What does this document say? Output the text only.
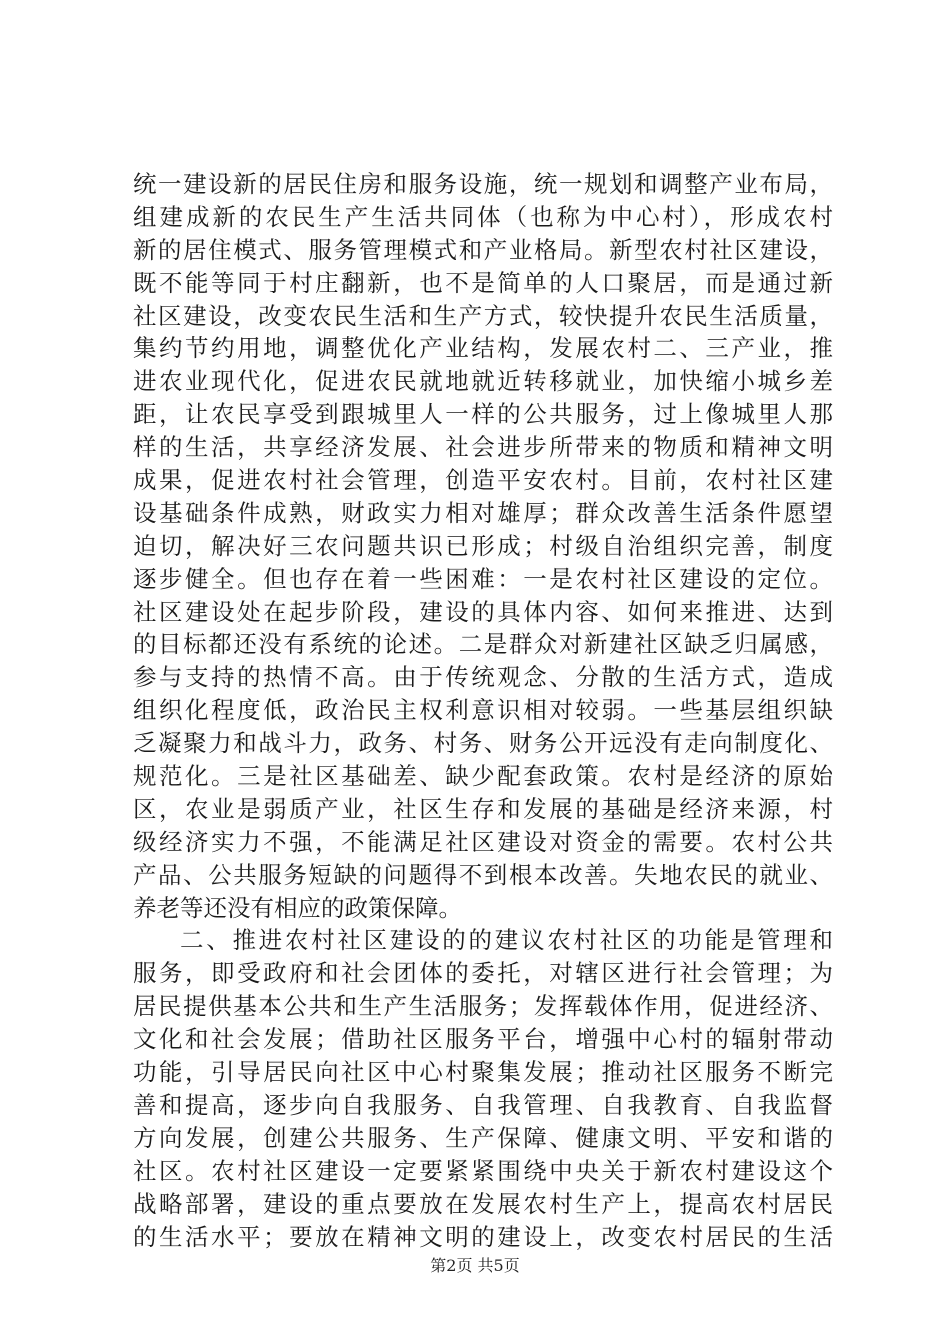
统一建设新的居民住房和服务设施，统一规划和调整产业布局，
组建成新的农民生产生活共同体（也称为中心村），形成农村
新的居住模式、服务管理模式和产业格局。新型农村社区建设，
既不能等同于村庄翻新，也不是简单的人口聚居，而是通过新
社区建设，改变农民生活和生产方式，较快提升农民生活质量，
集约节约用地，调整优化产业结构，发展农村二、三产业，推
进农业现代化，促进农民就地就近转移就业，加快缩小城乡差
距，让农民享受到跟城里人一样的公共服务，过上像城里人那
样的生活，共享经济发展、社会进步所带来的物质和精神文明
成果，促进农村社会管理，创造平安农村。目前，农村社区建
设基础条件成熟，财政实力相对雄厚；群众改善生活条件愿望
迫切，解决好三农问题共识已形成；村级自治组织完善，制度
逐步健全。但也存在着一些困难：一是农村社区建设的定位。
社区建设处在起步阶段，建设的具体内容、如何来推进、达到
的目标都还没有系统的论述。二是群众对新建社区缺乏归属感，
参与支持的热情不高。由于传统观念、分散的生活方式，造成
组织化程度低，政治民主权利意识相对较弱。一些基层组织缺
乏凝聚力和战斗力，政务、村务、财务公开远没有走向制度化、
规范化。三是社区基础差、缺少配套政策。农村是经济的原始
区，农业是弱质产业，社区生存和发展的基础是经济来源，村
级经济实力不强，不能满足社区建设对资金的需要。农村公共
产品、公共服务短缺的问题得不到根本改善。失地农民的就业、
养老等还没有相应的政策保障。
二、推进农村社区建设的的建议农村社区的功能是管理和
服务，即受政府和社会团体的委托，对辖区进行社会管理；为
居民提供基本公共和生产生活服务；发挥载体作用，促进经济、
文化和社会发展；借助社区服务平台，增强中心村的辐射带动
功能，引导居民向社区中心村聚集发展；推动社区服务不断完
善和提高，逐步向自我服务、自我管理、自我教育、自我监督
方向发展，创建公共服务、生产保障、健康文明、平安和谐的
社区。农村社区建设一定要紧紧围绕中央关于新农村建设这个
战略部署，建设的重点要放在发展农村生产上，提高农村居民
的生活水平；要放在精神文明的建设上，改变农村居民的生活
第2页 共5页
